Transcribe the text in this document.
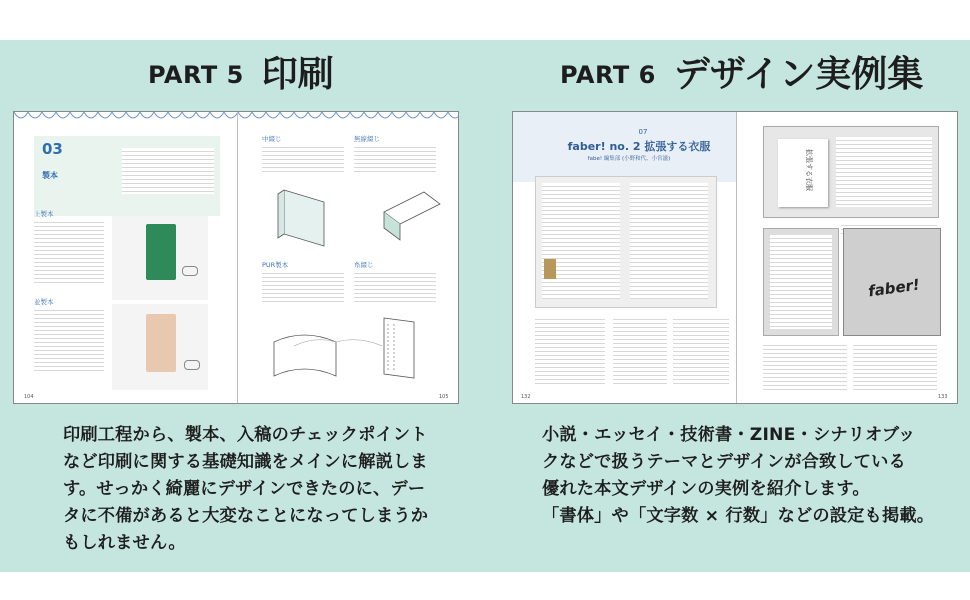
PART 5 印刷	PART 6 デザイン実例集
03
製本
上製本
並製本
104	105
中綴じ	無線綴じ
PUR製本	糸綴じ
07
faber! no. 2 拡張する衣服
fabe! 編集部 (小野和代、小宮滋)
132	133
拡張する衣服
faber!
印刷工程から、製本、入稿のチェックポイント
など印刷に関する基礎知識をメインに解説しま
す。せっかく綺麗にデザインできたのに、デー
タに不備があると大変なことになってしまうか
もしれません。
小説・エッセイ・技術書・ZINE・シナリオブッ
クなどで扱うテーマとデザインが合致している
優れた本文デザインの実例を紹介します。
「書体」や「文字数 × 行数」などの設定も掲載。
